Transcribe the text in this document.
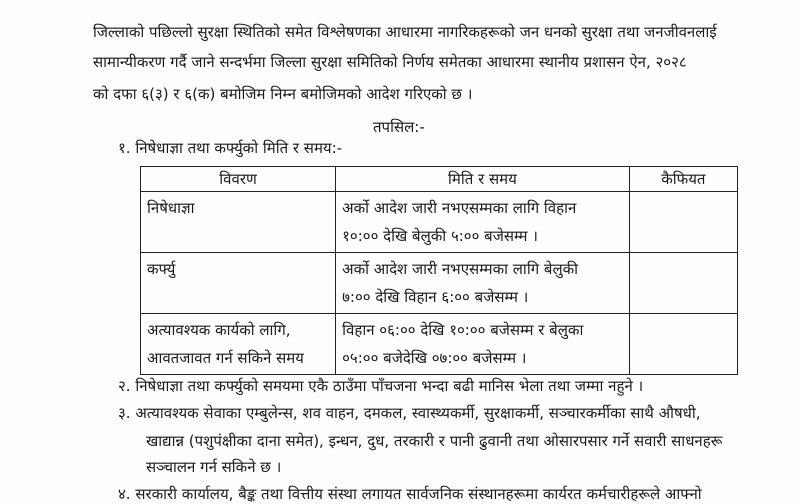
जिल्लाको पछिल्लो सुरक्षा स्थितिको समेत विश्लेषणका आधारमा नागरिकहरूको जन धनको सुरक्षा तथा जनजीवनलाई
सामान्यीकरण गर्दै जाने सन्दर्भमा जिल्ला सुरक्षा समितिको निर्णय समेतका आधारमा स्थानीय प्रशासन ऐन, २०२८
को दफा ६(३) र ६(क) बमोजिम निम्न बमोजिमको आदेश गरिएको छ ।
तपसिल:-
१. निषेधाज्ञा तथा कर्फ्युको मिति र समय:-
विवरण	मिति र समय	कैफियत

निषेधाज्ञा	अर्को आदेश जारी नभएसम्मका लागि विहान
१०:०० देखि बेलुकी ५:०० बजेसम्म ।	

कर्फ्यु	अर्को आदेश जारी नभएसम्मका लागि बेलुकी
७:०० देखि विहान ६:०० बजेसम्म ।	

अत्यावश्यक कार्यको लागि,
आवतजावत गर्न सकिने समय	विहान ०६:०० देखि १०:०० बजेसम्म र बेलुका
०५:०० बजेदेखि ०७:०० बजेसम्म ।	

२. निषेधाज्ञा तथा कर्फ्युको समयमा एकै ठाउँमा पाँचजना भन्दा बढी मानिस भेला तथा जम्मा नहुने ।
३. अत्यावश्यक सेवाका एम्बुलेन्स, शव वाहन, दमकल, स्वास्थ्यकर्मी, सुरक्षाकर्मी, सञ्चारकर्मीका साथै औषधी,
खाद्यान्न (पशुपंक्षीका दाना समेत), इन्धन, दुध, तरकारी र पानी ढुवानी तथा ओसारपसार गर्ने सवारी साधनहरू
सञ्चालन गर्न सकिने छ ।
४. सरकारी कार्यालय, बैङ्क तथा वित्तीय संस्था लगायत सार्वजनिक संस्थानहरूमा कार्यरत कर्मचारीहरूले आफ्नो
